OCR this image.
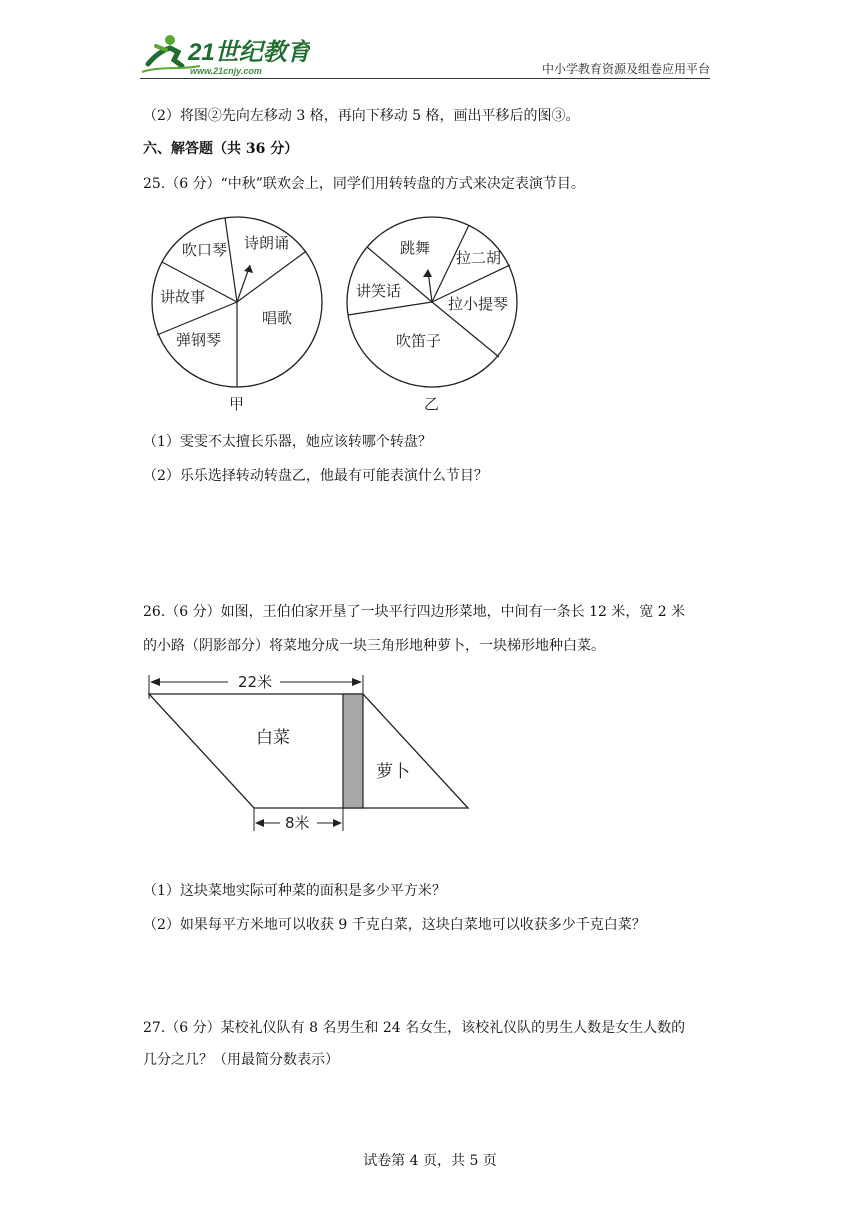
21世纪教育
www.21cnjy.com	中小学教育资源及组卷应用平台
（2）将图②先向左移动 3 格，再向下移动 5 格，画出平移后的图③。
六、解答题（共 36 分）
25.（6 分）“中秋”联欢会上，同学们用转转盘的方式来决定表演节目。
诗朗诵
吹口琴
讲故事
弹钢琴
唱歌
甲
跳舞
拉二胡
讲笑话
拉小提琴
吹笛子
乙
（1）雯雯不太擅长乐器，她应该转哪个转盘？
（2）乐乐选择转动转盘乙，他最有可能表演什么节目？
26.（6 分）如图，王伯伯家开垦了一块平行四边形菜地，中间有一条长 12 米，宽 2 米
的小路（阴影部分）将菜地分成一块三角形地种萝卜，一块梯形地种白菜。
22米
白菜
萝卜
8米
（1）这块菜地实际可种菜的面积是多少平方米？
（2）如果每平方米地可以收获 9 千克白菜，这块白菜地可以收获多少千克白菜？
27.（6 分）某校礼仪队有 8 名男生和 24 名女生，该校礼仪队的男生人数是女生人数的
几分之几？（用最简分数表示）
试卷第 4 页，共 5 页
